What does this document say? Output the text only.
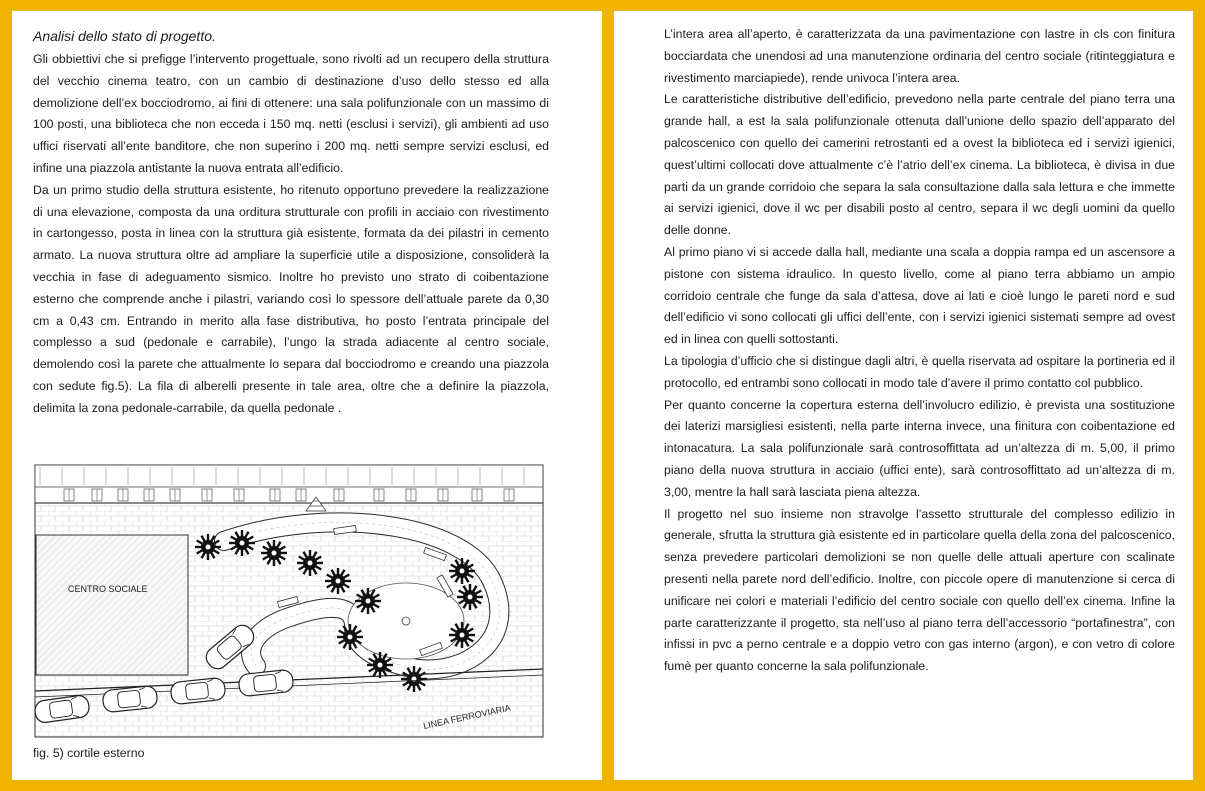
Analisi dello stato di progetto.

Gli obbiettivi che si prefigge l’intervento progettuale, sono rivolti ad un recupero della struttura del vecchio cinema teatro, con un cambio di destinazione d’uso dello stesso ed alla demolizione dell’ex bocciodromo, ai fini di ottenere: una sala polifunzionale con un massimo di 100 posti, una biblioteca che non ecceda i 150 mq. netti (esclusi i servizi), gli ambienti ad uso uffici riservati all’ente banditore, che non superino i 200 mq. netti sempre servizi esclusi, ed infine una piazzola antistante la nuova entrata all’edificio.

Da un primo studio della struttura esistente, ho ritenuto opportuno prevedere la realizzazione di una elevazione, composta da una orditura strutturale con profili in acciaio con rivestimento in cartongesso, posta in linea con la struttura già esistente, formata da dei pilastri in cemento armato. La nuova struttura oltre ad ampliare la superficie utile a disposizione, consoliderà la vecchia in fase di adeguamento sismico. Inoltre ho previsto uno strato di coibentazione esterno che comprende anche i pilastri, variando così lo spessore dell’attuale parete da 0,30 cm a 0,43 cm. Entrando in merito alla fase distributiva, ho posto l’entrata principale del complesso a sud (pedonale e carrabile), l’ungo la strada adiacente al centro sociale, demolendo così la parete che attualmente lo separa dal bocciodromo e creando una piazzola con sedute fig.5). La fila di alberelli presente in tale area, oltre che a definire la piazzola, delimita la zona pedonale-carrabile, da quella pedonale .

CENTRO SOCIALE
LINEA FERROVIARIA
fig. 5) cortile esterno

L’intera area all’aperto, è caratterizzata da una pavimentazione con lastre in cls con finitura bocciardata che unendosi ad una manutenzione ordinaria del centro sociale (ritinteggiatura e rivestimento marciapiede), rende univoca l’intera area.

Le caratteristiche distributive dell’edificio, prevedono nella parte centrale del piano terra una grande hall, a est la sala polifunzionale ottenuta dall’unione dello spazio dell’apparato del palcoscenico con quello dei camerini retrostanti ed a ovest la biblioteca ed i servizi igienici, quest’ultimi collocati dove attualmente c’è l’atrio dell’ex cinema. La biblioteca, è divisa in due parti da un grande corridoio che separa la sala consultazione dalla sala lettura e che immette ai servizi igienici, dove il wc per disabili posto al centro, separa il wc degli uomini da quello delle donne.

Al primo piano vi si accede dalla hall, mediante una scala a doppia rampa ed un ascensore a pistone con sistema idraulico. In questo livello, come al piano terra abbiamo un ampio corridoio centrale che funge da sala d’attesa, dove ai lati e cioè lungo le pareti nord e sud dell’edificio vi sono collocati gli uffici dell’ente, con i servizi igienici sistemati sempre ad ovest ed in linea con quelli sottostanti.

La tipologia d’ufficio che si distingue dagli altri, è quella riservata ad ospitare la portineria ed il protocollo, ed entrambi sono collocati in modo tale d’avere il primo contatto col pubblico.

Per quanto concerne la copertura esterna dell’involucro edilizio, è prevista una sostituzione dei laterizi marsigliesi esistenti, nella parte interna invece, una finitura con coibentazione ed intonacatura. La sala polifunzionale sarà controsoffittata ad un’altezza di m. 5,00, il primo piano della nuova struttura in acciaio (uffici ente), sarà controsoffittato ad un’altezza di m. 3,00, mentre la hall sarà lasciata piena altezza.

Il progetto nel suo insieme non stravolge l’assetto strutturale del complesso edilizio in generale, sfrutta la struttura già esistente ed in particolare quella della zona del palcoscenico, senza prevedere particolari demolizioni se non quelle delle attuali aperture con scalinate presenti nella parete nord dell’edificio. Inoltre, con piccole opere di manutenzione si cerca di unificare nei colori e materiali l’edificio del centro sociale con quello dell’ex cinema. Infine la parte caratterizzante il progetto, sta nell’uso al piano terra dell’accessorio “portafinestra”, con infissi in pvc a perno centrale e a doppio vetro con gas interno (argon), e con vetro di colore fumè per quanto concerne la sala polifunzionale.
